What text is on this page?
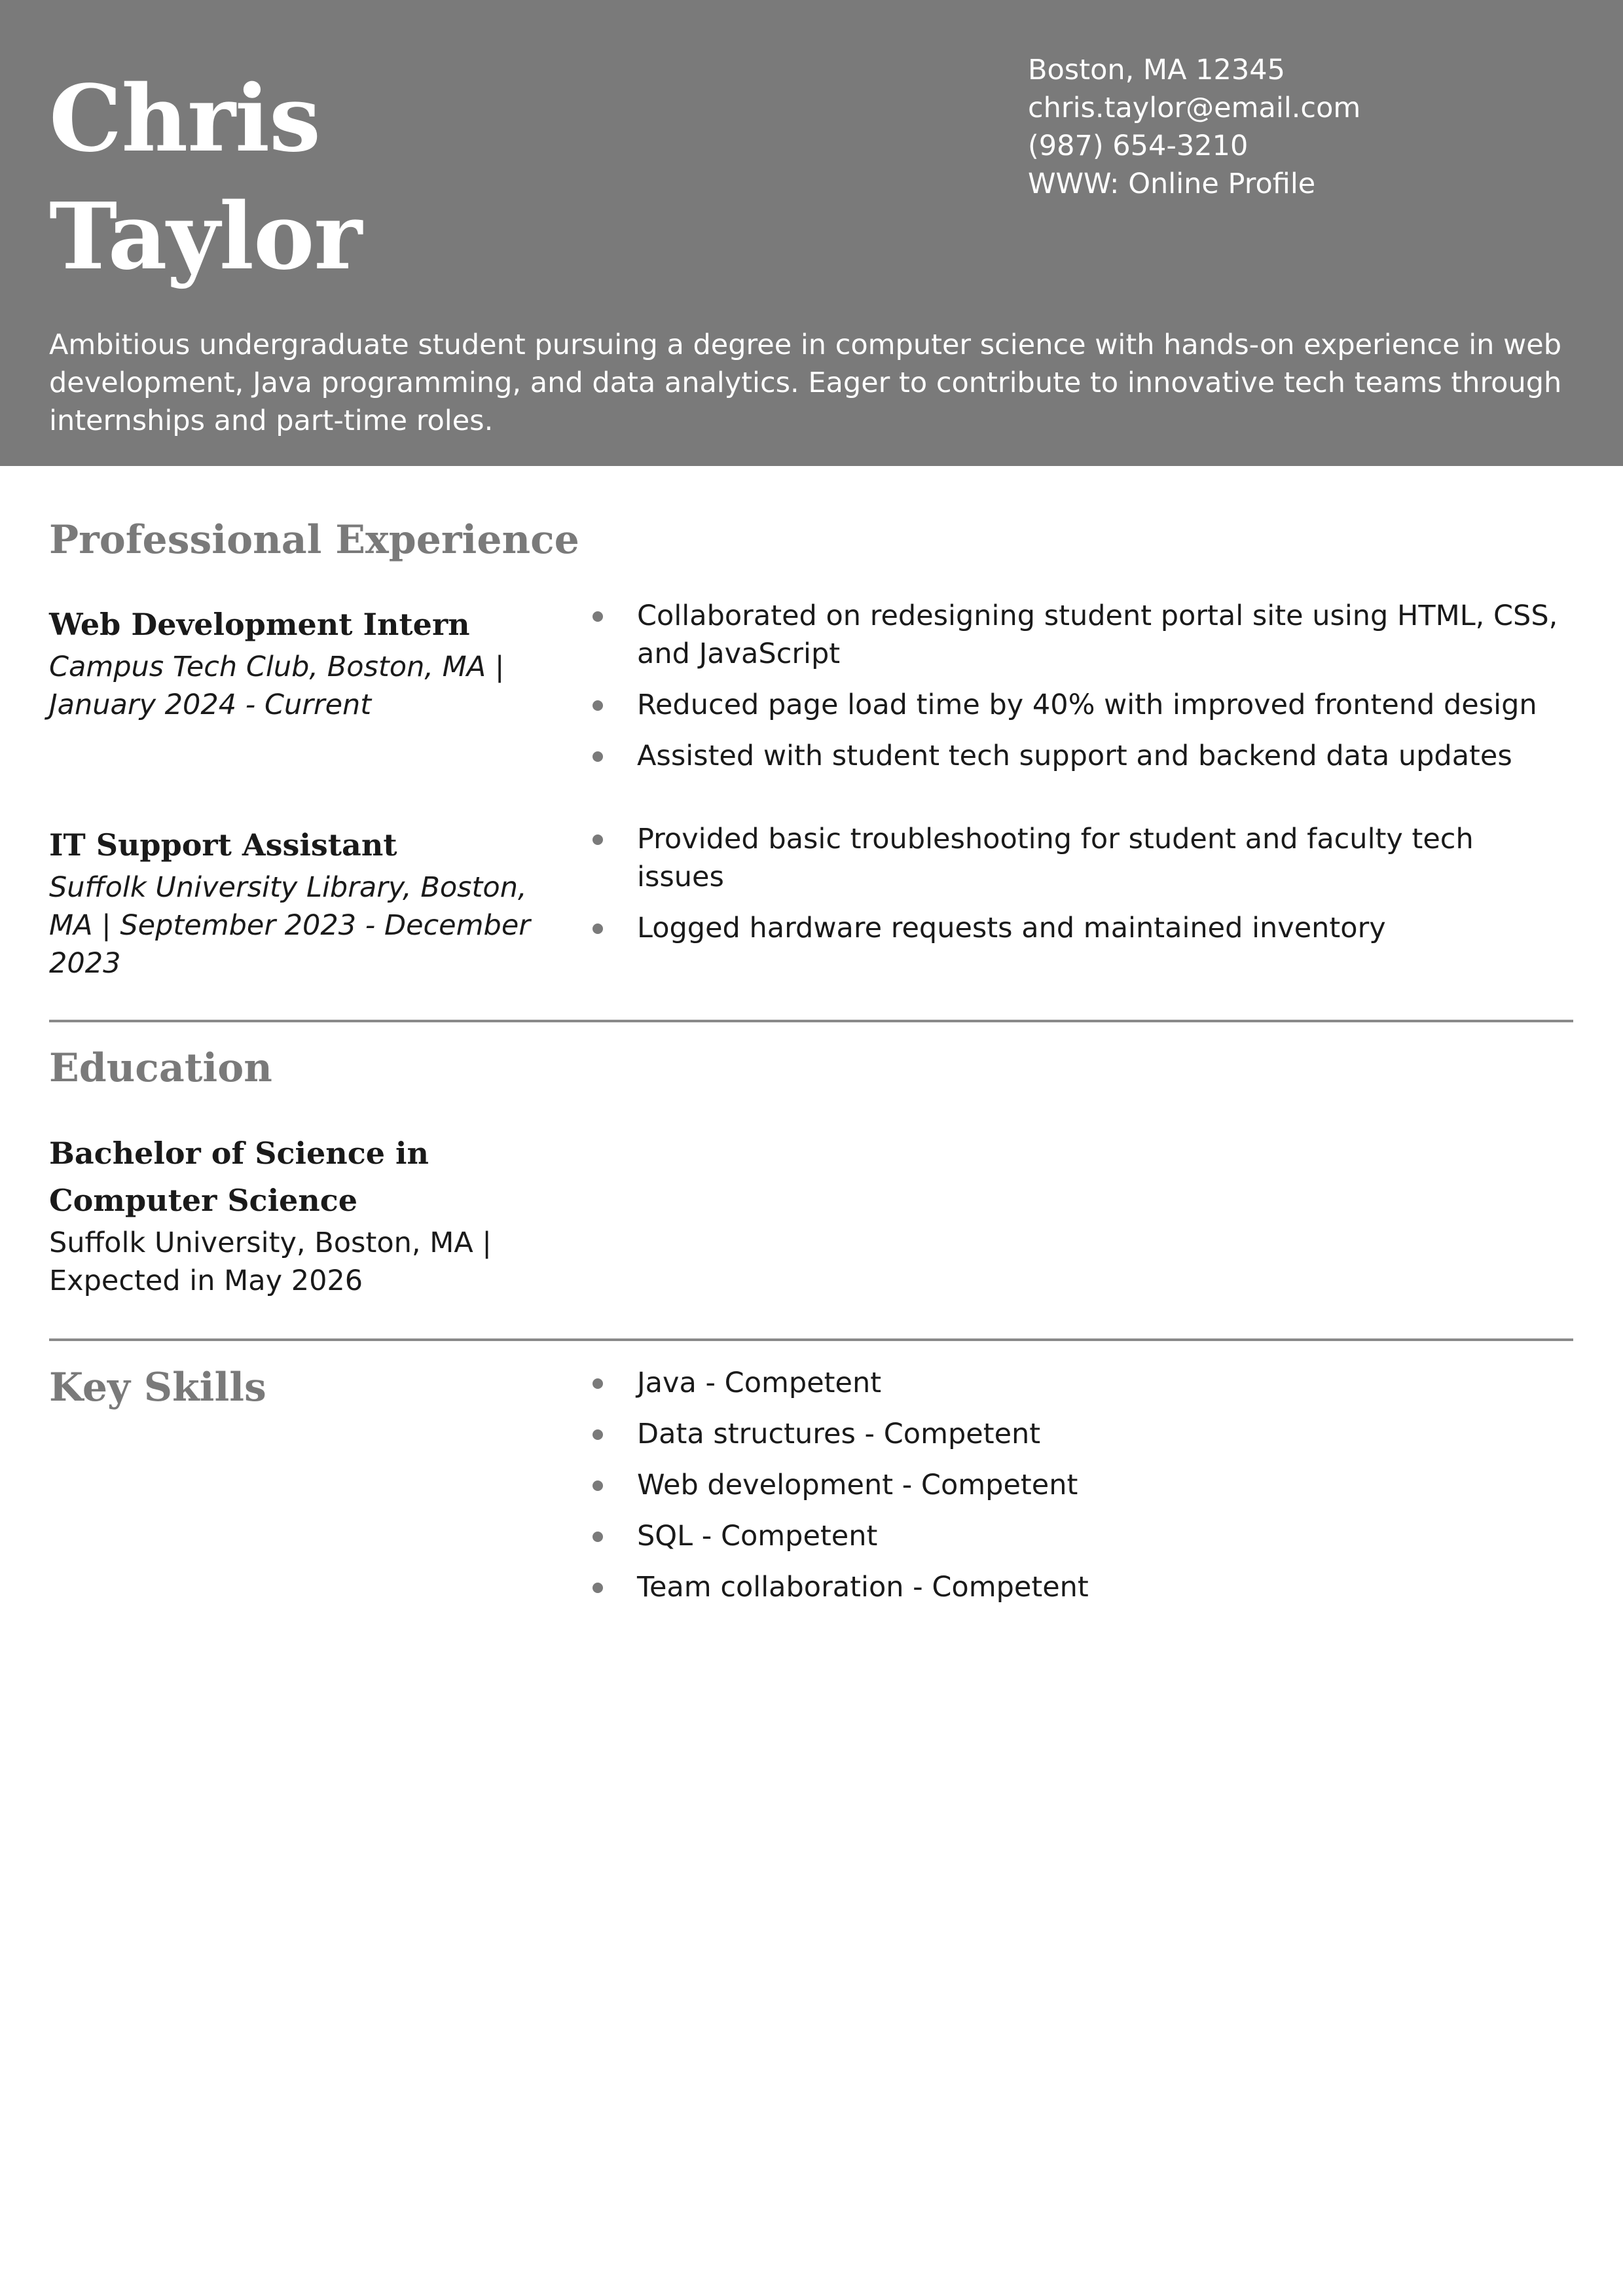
Chris
Taylor
Boston, MA 12345
chris.taylor@email.com
(987) 654-3210
WWW: Online Profile
Ambitious undergraduate student pursuing a degree in computer science with hands-on experience in web development, Java programming, and data analytics. Eager to contribute to innovative tech teams through internships and part-time roles.
Professional Experience
Web Development Intern
Campus Tech Club, Boston, MA | January 2024 - Current
Collaborated on redesigning student portal site using HTML, CSS, and JavaScript
Reduced page load time by 40% with improved frontend design
Assisted with student tech support and backend data updates
IT Support Assistant
Suffolk University Library, Boston, MA | September 2023 - December 2023
Provided basic troubleshooting for student and faculty tech issues
Logged hardware requests and maintained inventory
Education
Bachelor of Science in Computer Science
Suffolk University, Boston, MA | Expected in May 2026
Key Skills	Java - Competent
Data structures - Competent
Web development - Competent
SQL - Competent
Team collaboration - Competent
